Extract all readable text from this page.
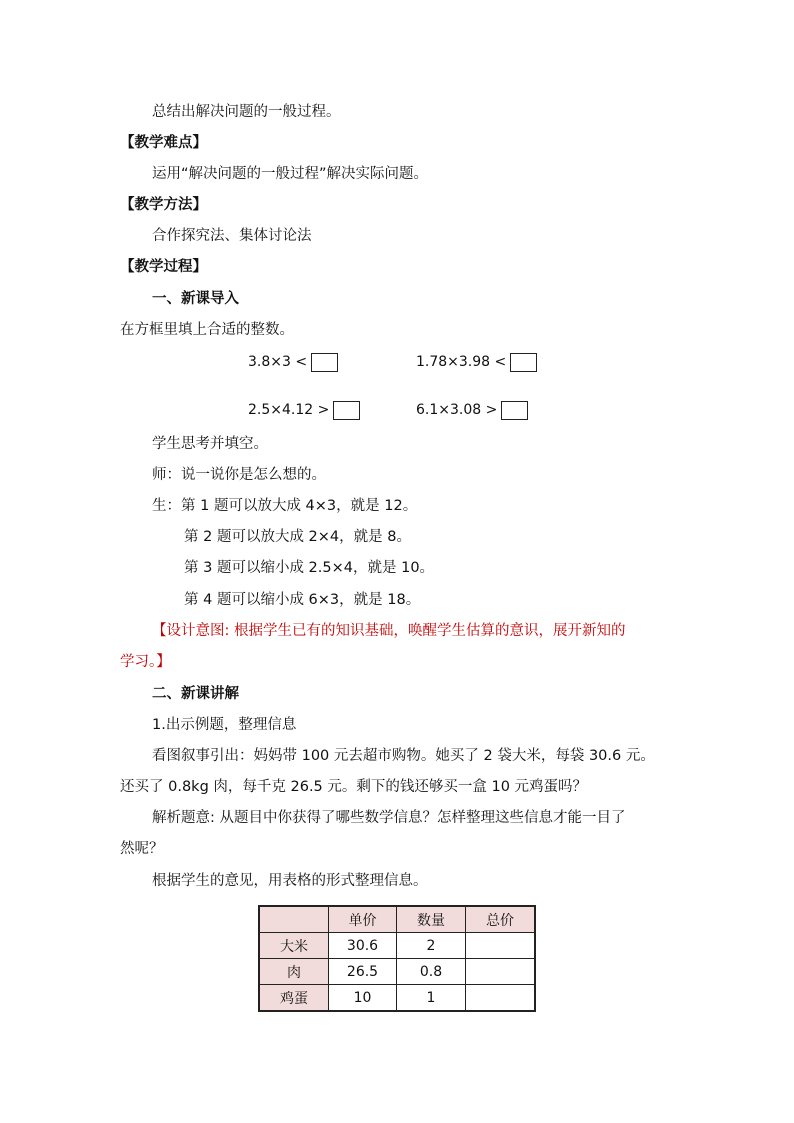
总结出解决问题的一般过程。
【教学难点】
运用“解决问题的一般过程”解决实际问题。
【教学方法】
合作探究法、集体讨论法
【教学过程】
一、新课导入
在方框里填上合适的整数。
3.8×3 <	1.78×3.98 <
2.5×4.12 >	6.1×3.08 >
学生思考并填空。
师：说一说你是怎么想的。
生：第 1 题可以放大成 4×3，就是 12。
第 2 题可以放大成 2×4，就是 8。
第 3 题可以缩小成 2.5×4，就是 10。
第 4 题可以缩小成 6×3，就是 18。
【设计意图: 根据学生已有的知识基础，唤醒学生估算的意识，展开新知的
学习。】
二、新课讲解
1.出示例题，整理信息
看图叙事引出：妈妈带 100 元去超市购物。她买了 2 袋大米，每袋 30.6 元。
还买了 0.8kg 肉，每千克 26.5 元。剩下的钱还够买一盒 10 元鸡蛋吗？
解析题意: 从题目中你获得了哪些数学信息？怎样整理这些信息才能一目了
然呢？
根据学生的意见，用表格的形式整理信息。
	单价	数量	总价
大米	30.6	2	
肉	26.5	0.8	
鸡蛋	10	1	
